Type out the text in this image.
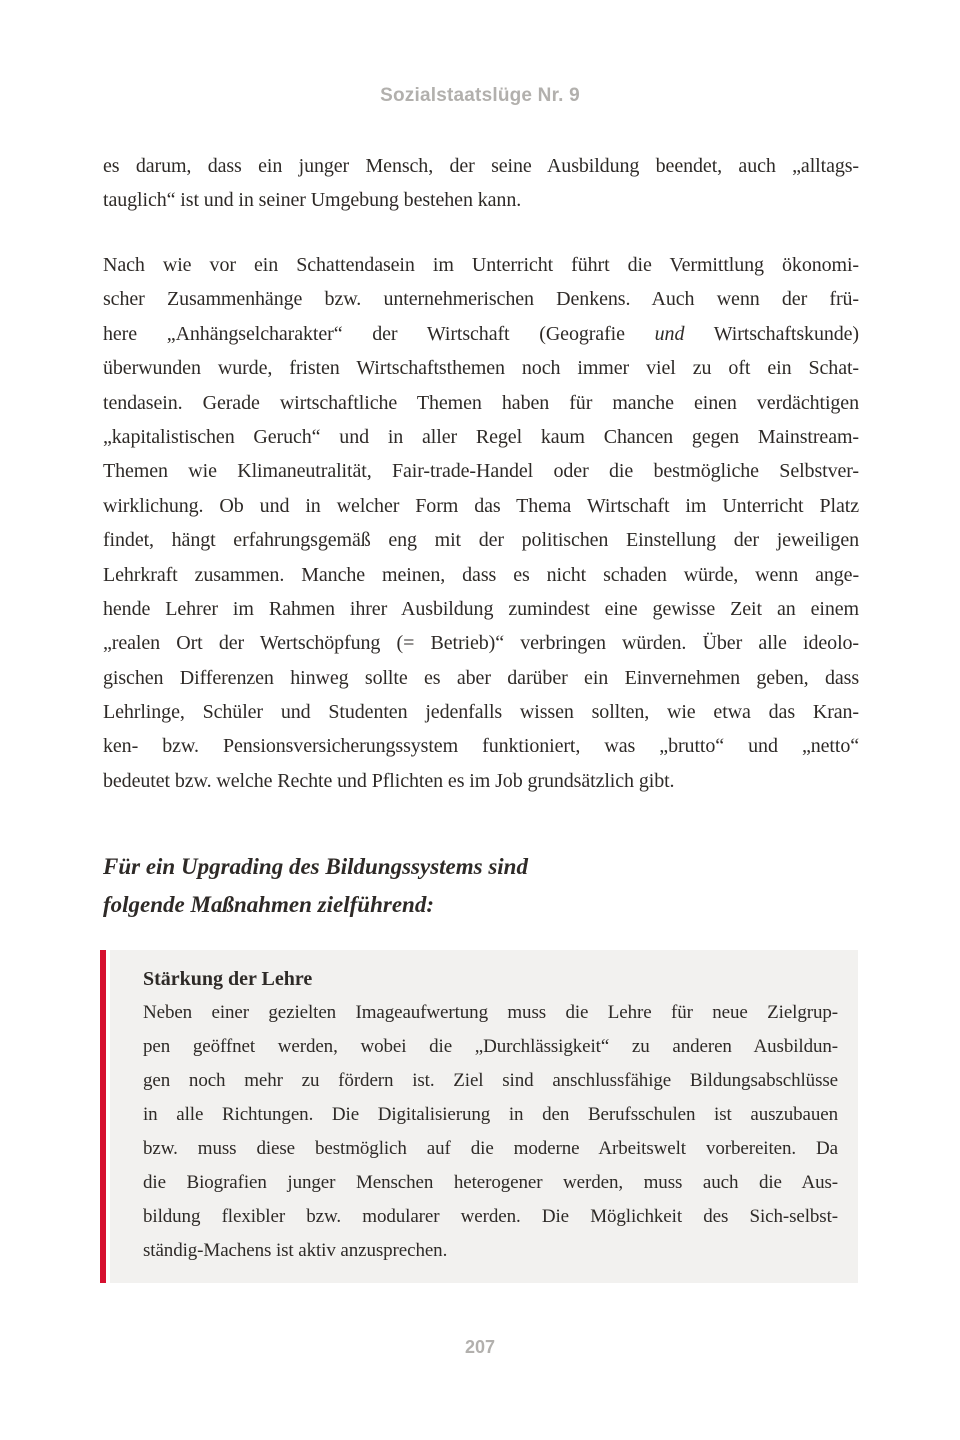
Sozialstaatslüge Nr. 9
es darum, dass ein junger Mensch, der seine Ausbildung beendet, auch „alltags-
tauglich“ ist und in seiner Umgebung bestehen kann.
Nach wie vor ein Schattendasein im Unterricht führt die Vermittlung ökonomi-
scher Zusammenhänge bzw. unternehmerischen Denkens. Auch wenn der frü-
here „Anhängselcharakter“ der Wirtschaft (Geografie und Wirtschaftskunde)
überwunden wurde, fristen Wirtschaftsthemen noch immer viel zu oft ein Schat-
tendasein. Gerade wirtschaftliche Themen haben für manche einen verdächtigen
„kapitalistischen Geruch“ und in aller Regel kaum Chancen gegen Mainstream-
Themen wie Klimaneutralität, Fair-trade-Handel oder die bestmögliche Selbstver-
wirklichung. Ob und in welcher Form das Thema Wirtschaft im Unterricht Platz
findet, hängt erfahrungsgemäß eng mit der politischen Einstellung der jeweiligen
Lehrkraft zusammen. Manche meinen, dass es nicht schaden würde, wenn ange-
hende Lehrer im Rahmen ihrer Ausbildung zumindest eine gewisse Zeit an einem
„realen Ort der Wertschöpfung (= Betrieb)“ verbringen würden. Über alle ideolo-
gischen Differenzen hinweg sollte es aber darüber ein Einvernehmen geben, dass
Lehrlinge, Schüler und Studenten jedenfalls wissen sollten, wie etwa das Kran-
ken- bzw. Pensionsversicherungssystem funktioniert, was „brutto“ und „netto“
bedeutet bzw. welche Rechte und Pflichten es im Job grundsätzlich gibt.
Für ein Upgrading des Bildungssystems sind
folgende Maßnahmen zielführend:
Stärkung der Lehre
Neben einer gezielten Imageaufwertung muss die Lehre für neue Zielgrup-
pen geöffnet werden, wobei die „Durchlässigkeit“ zu anderen Ausbildun-
gen noch mehr zu fördern ist. Ziel sind anschlussfähige Bildungsabschlüsse
in alle Richtungen. Die Digitalisierung in den Berufsschulen ist auszubauen
bzw. muss diese bestmöglich auf die moderne Arbeitswelt vorbereiten. Da
die Biografien junger Menschen heterogener werden, muss auch die Aus-
bildung flexibler bzw. modularer werden. Die Möglichkeit des Sich-selbst-
ständig-Machens ist aktiv anzusprechen.
207
